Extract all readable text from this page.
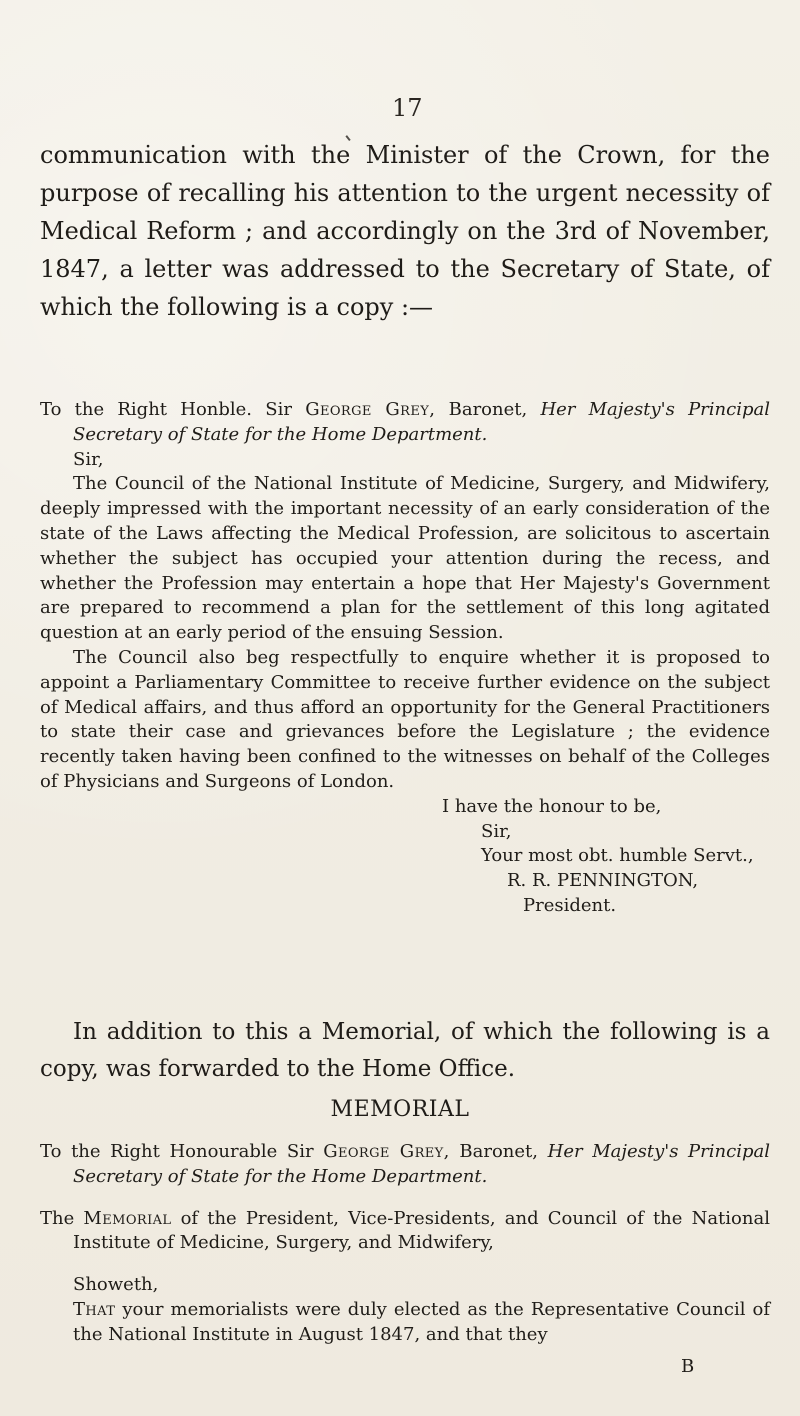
17

communication with the Minister of the Crown, for the purpose of recalling his attention to the urgent necessity of Medical Reform ; and accordingly on the 3rd of November, 1847, a letter was addressed to the Secretary of State, of which the following is a copy :—

To the Right Honble. Sir George Grey, Baronet, Her Majesty's Principal Secretary of State for the Home Department.

Sir,

The Council of the National Institute of Medicine, Surgery, and Midwifery, deeply impressed with the important necessity of an early consideration of the state of the Laws affecting the Medical Profession, are solicitous to ascertain whether the subject has occupied your attention during the recess, and whether the Profession may entertain a hope that Her Majesty's Government are prepared to recommend a plan for the settlement of this long agitated question at an early period of the ensuing Session.

The Council also beg respectfully to enquire whether it is proposed to appoint a Parliamentary Committee to receive further evidence on the subject of Medical affairs, and thus afford an opportunity for the General Practitioners to state their case and grievances before the Legislature ; the evidence recently taken having been confined to the witnesses on behalf of the Colleges of Physicians and Surgeons of London.

I have the honour to be,

Sir,

Your most obt. humble Servt.,

R. R. PENNINGTON,

President.

In addition to this a Memorial, of which the following is a copy, was forwarded to the Home Office.

MEMORIAL

To the Right Honourable Sir George Grey, Baronet, Her Majesty's Principal Secretary of State for the Home Department.

The Memorial of the President, Vice-Presidents, and Council of the National Institute of Medicine, Surgery, and Midwifery,

Showeth,

That your memorialists were duly elected as the Representative Council of the National Institute in August 1847, and that they

B
